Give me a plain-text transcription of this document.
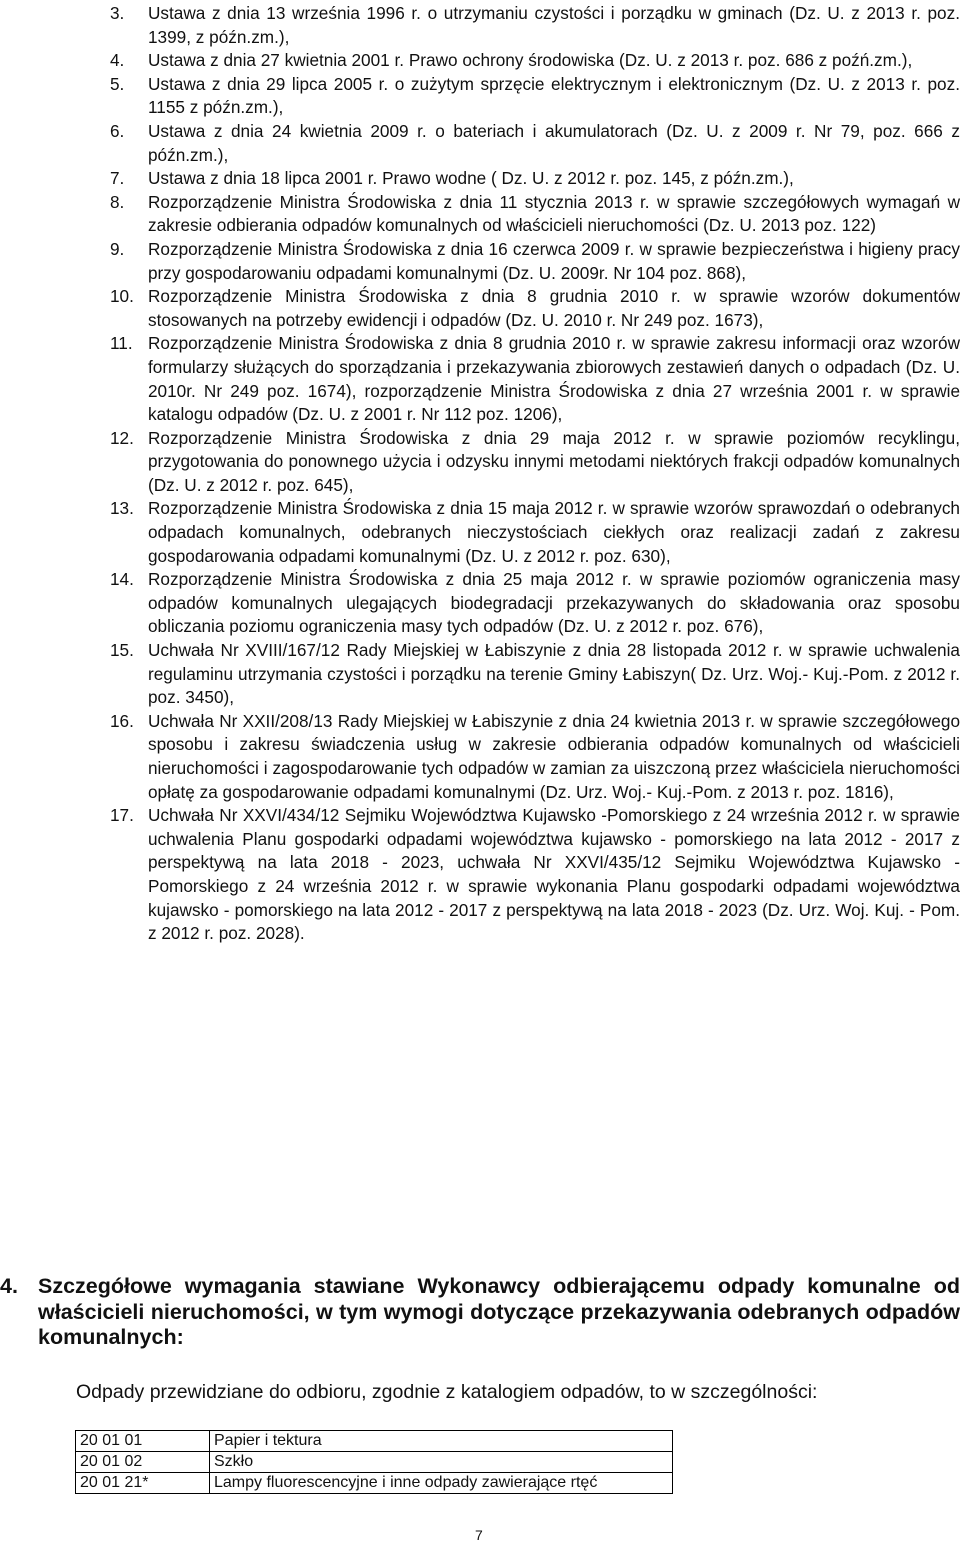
3. Ustawa z dnia 13 września 1996 r. o utrzymaniu czystości i porządku w gminach (Dz. U. z 2013 r. poz. 1399, z późn.zm.),
4. Ustawa z dnia 27 kwietnia 2001 r. Prawo ochrony środowiska (Dz. U. z 2013 r. poz. 686 z poźń.zm.),
5. Ustawa z dnia 29 lipca 2005 r. o zużytym sprzęcie elektrycznym i elektronicznym (Dz. U. z 2013 r. poz. 1155 z późn.zm.),
6. Ustawa z dnia 24 kwietnia 2009 r. o bateriach i akumulatorach (Dz. U. z 2009 r. Nr 79, poz. 666 z późn.zm.),
7. Ustawa z dnia 18 lipca 2001 r. Prawo wodne ( Dz. U. z 2012 r. poz. 145, z późn.zm.),
8. Rozporządzenie Ministra Środowiska z dnia 11 stycznia 2013 r. w sprawie szczegółowych wymagań w zakresie odbierania odpadów komunalnych od właścicieli nieruchomości (Dz. U. 2013 poz. 122)
9. Rozporządzenie Ministra Środowiska z dnia 16 czerwca 2009 r. w sprawie bezpieczeństwa i higieny pracy przy gospodarowaniu odpadami komunalnymi (Dz. U. 2009r. Nr 104 poz. 868),
10. Rozporządzenie Ministra Środowiska z dnia 8 grudnia 2010 r. w sprawie wzorów dokumentów stosowanych na potrzeby ewidencji i odpadów (Dz. U. 2010 r. Nr 249 poz. 1673),
11. Rozporządzenie Ministra Środowiska z dnia 8 grudnia 2010 r. w sprawie zakresu informacji oraz wzorów formularzy służących do sporządzania i przekazywania zbiorowych zestawień danych o odpadach (Dz. U. 2010r. Nr 249 poz. 1674), rozporządzenie Ministra Środowiska z dnia 27 września 2001 r. w sprawie katalogu odpadów (Dz. U. z 2001 r. Nr 112 poz. 1206),
12. Rozporządzenie Ministra Środowiska z dnia 29 maja 2012 r. w sprawie poziomów recyklingu, przygotowania do ponownego użycia i odzysku innymi metodami niektórych frakcji odpadów komunalnych (Dz. U. z 2012 r. poz. 645),
13. Rozporządzenie Ministra Środowiska z dnia 15 maja 2012 r. w sprawie wzorów sprawozdań o odebranych odpadach komunalnych, odebranych nieczystościach ciekłych oraz realizacji zadań z zakresu gospodarowania odpadami komunalnymi (Dz. U. z 2012 r. poz. 630),
14. Rozporządzenie Ministra Środowiska z dnia 25 maja 2012 r. w sprawie poziomów ograniczenia masy odpadów komunalnych ulegających biodegradacji przekazywanych do składowania oraz sposobu obliczania poziomu ograniczenia masy tych odpadów (Dz. U. z 2012 r. poz. 676),
15. Uchwała Nr XVIII/167/12 Rady Miejskiej w Łabiszynie z dnia 28 listopada 2012 r. w sprawie uchwalenia regulaminu utrzymania czystości i porządku na terenie Gminy Łabiszyn( Dz. Urz. Woj.- Kuj.-Pom. z 2012 r. poz. 3450),
16. Uchwała Nr XXII/208/13 Rady Miejskiej w Łabiszynie z dnia 24 kwietnia 2013 r. w sprawie szczegółowego sposobu i zakresu świadczenia usług w zakresie odbierania odpadów komunalnych od właścicieli nieruchomości i zagospodarowanie tych odpadów w zamian za uiszczoną przez właściciela nieruchomości opłatę za gospodarowanie odpadami komunalnymi (Dz. Urz. Woj.- Kuj.-Pom. z 2013 r. poz. 1816),
17. Uchwała Nr XXVI/434/12 Sejmiku Województwa Kujawsko -Pomorskiego z 24 września 2012 r. w sprawie uchwalenia Planu gospodarki odpadami województwa kujawsko - pomorskiego na lata 2012 - 2017 z perspektywą na lata 2018 - 2023, uchwała Nr XXVI/435/12 Sejmiku Województwa Kujawsko - Pomorskiego z 24 września 2012 r. w sprawie wykonania Planu gospodarki odpadami województwa kujawsko - pomorskiego na lata 2012 - 2017 z perspektywą na lata 2018 - 2023 (Dz. Urz. Woj. Kuj. - Pom. z 2012 r. poz. 2028).
4. Szczegółowe wymagania stawiane Wykonawcy odbierającemu odpady komunalne od właścicieli nieruchomości, w tym wymogi dotyczące przekazywania odebranych odpadów komunalnych:
Odpady przewidziane do odbioru, zgodnie z katalogiem odpadów, to w szczególności:
20 01 01	Papier i tektura
20 01 02	Szkło
20 01 21*	Lampy fluorescencyjne i inne odpady zawierające rtęć
7
